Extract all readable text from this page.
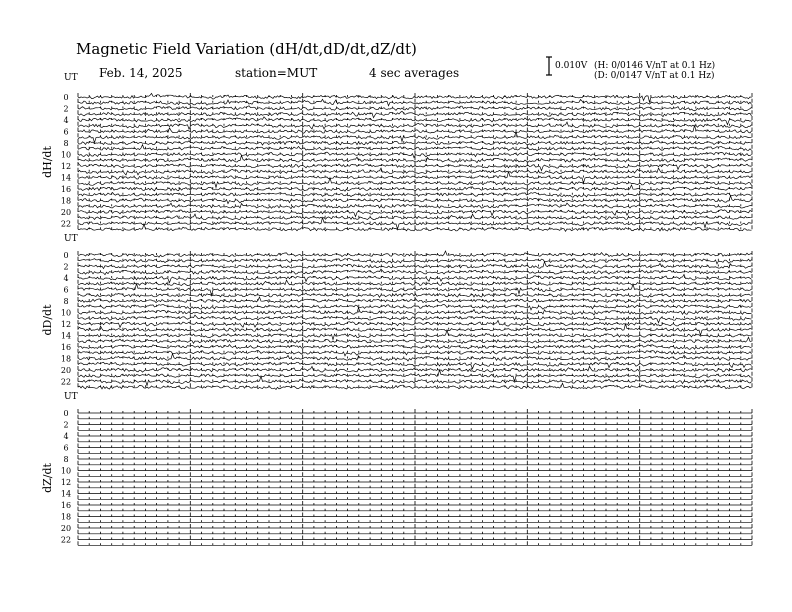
Magnetic Field Variation (dH/dt,dD/dt,dZ/dt)
Feb. 14, 2025	station=MUT	4 sec averages	0.010V (H: 0/0146 V/nT at 0.1 Hz)
(D: 0/0147 V/nT at 0.1 Hz)
dH/dt
UT
0
2
4
6
8
10
12
14
16
18
20
22
dD/dt
UT
0
2
4
6
8
10
12
14
16
18
20
22
dZ/dt
UT
0
2
4
6
8
10
12
14
16
18
20
22
